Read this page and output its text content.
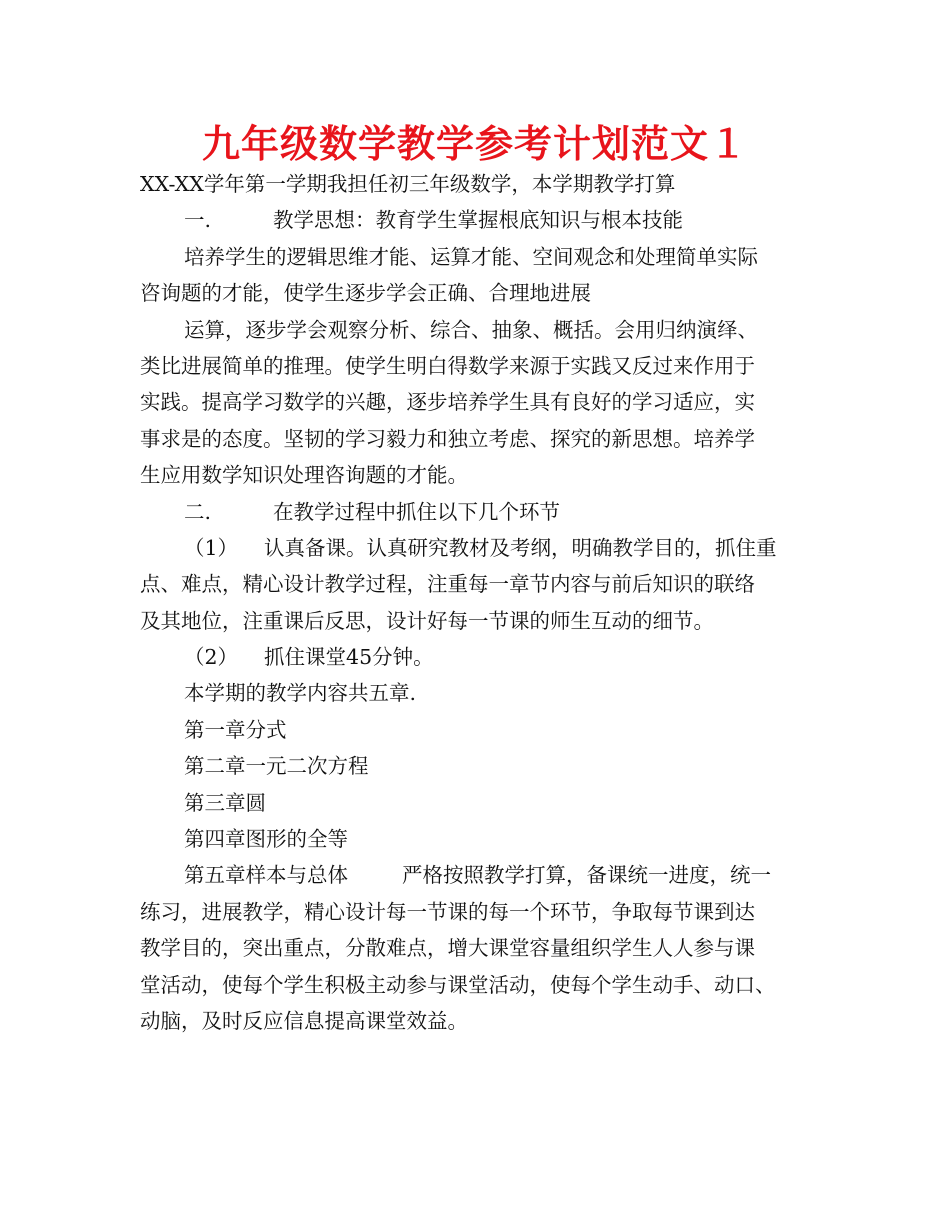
九年级数学教学参考计划范文１
XX-XX学年第一学期我担任初三年级数学，本学期教学打算
一.	教学思想：教育学生掌握根底知识与根本技能
培养学生的逻辑思维才能、运算才能、空间观念和处理简单实际
咨询题的才能，使学生逐步学会正确、合理地进展
运算，逐步学会观察分析、综合、抽象、概括。会用归纳演绎、
类比进展简单的推理。使学生明白得数学来源于实践又反过来作用于
实践。提高学习数学的兴趣，逐步培养学生具有良好的学习适应，实
事求是的态度。坚韧的学习毅力和独立考虑、探究的新思想。培养学
生应用数学知识处理咨询题的才能。
二.	在教学过程中抓住以下几个环节
（1） 认真备课。认真研究教材及考纲，明确教学目的，抓住重
点、难点，精心设计教学过程，注重每一章节内容与前后知识的联络
及其地位，注重课后反思，设计好每一节课的师生互动的细节。
（2） 抓住课堂45分钟。
本学期的教学内容共五章.
第一章分式
第二章一元二次方程
第三章圆
第四章图形的全等
第五章样本与总体	严格按照教学打算，备课统一进度，统一
练习，进展教学，精心设计每一节课的每一个环节，争取每节课到达
教学目的，突出重点，分散难点，增大课堂容量组织学生人人参与课
堂活动，使每个学生积极主动参与课堂活动，使每个学生动手、动口、
动脑，及时反应信息提高课堂效益。
